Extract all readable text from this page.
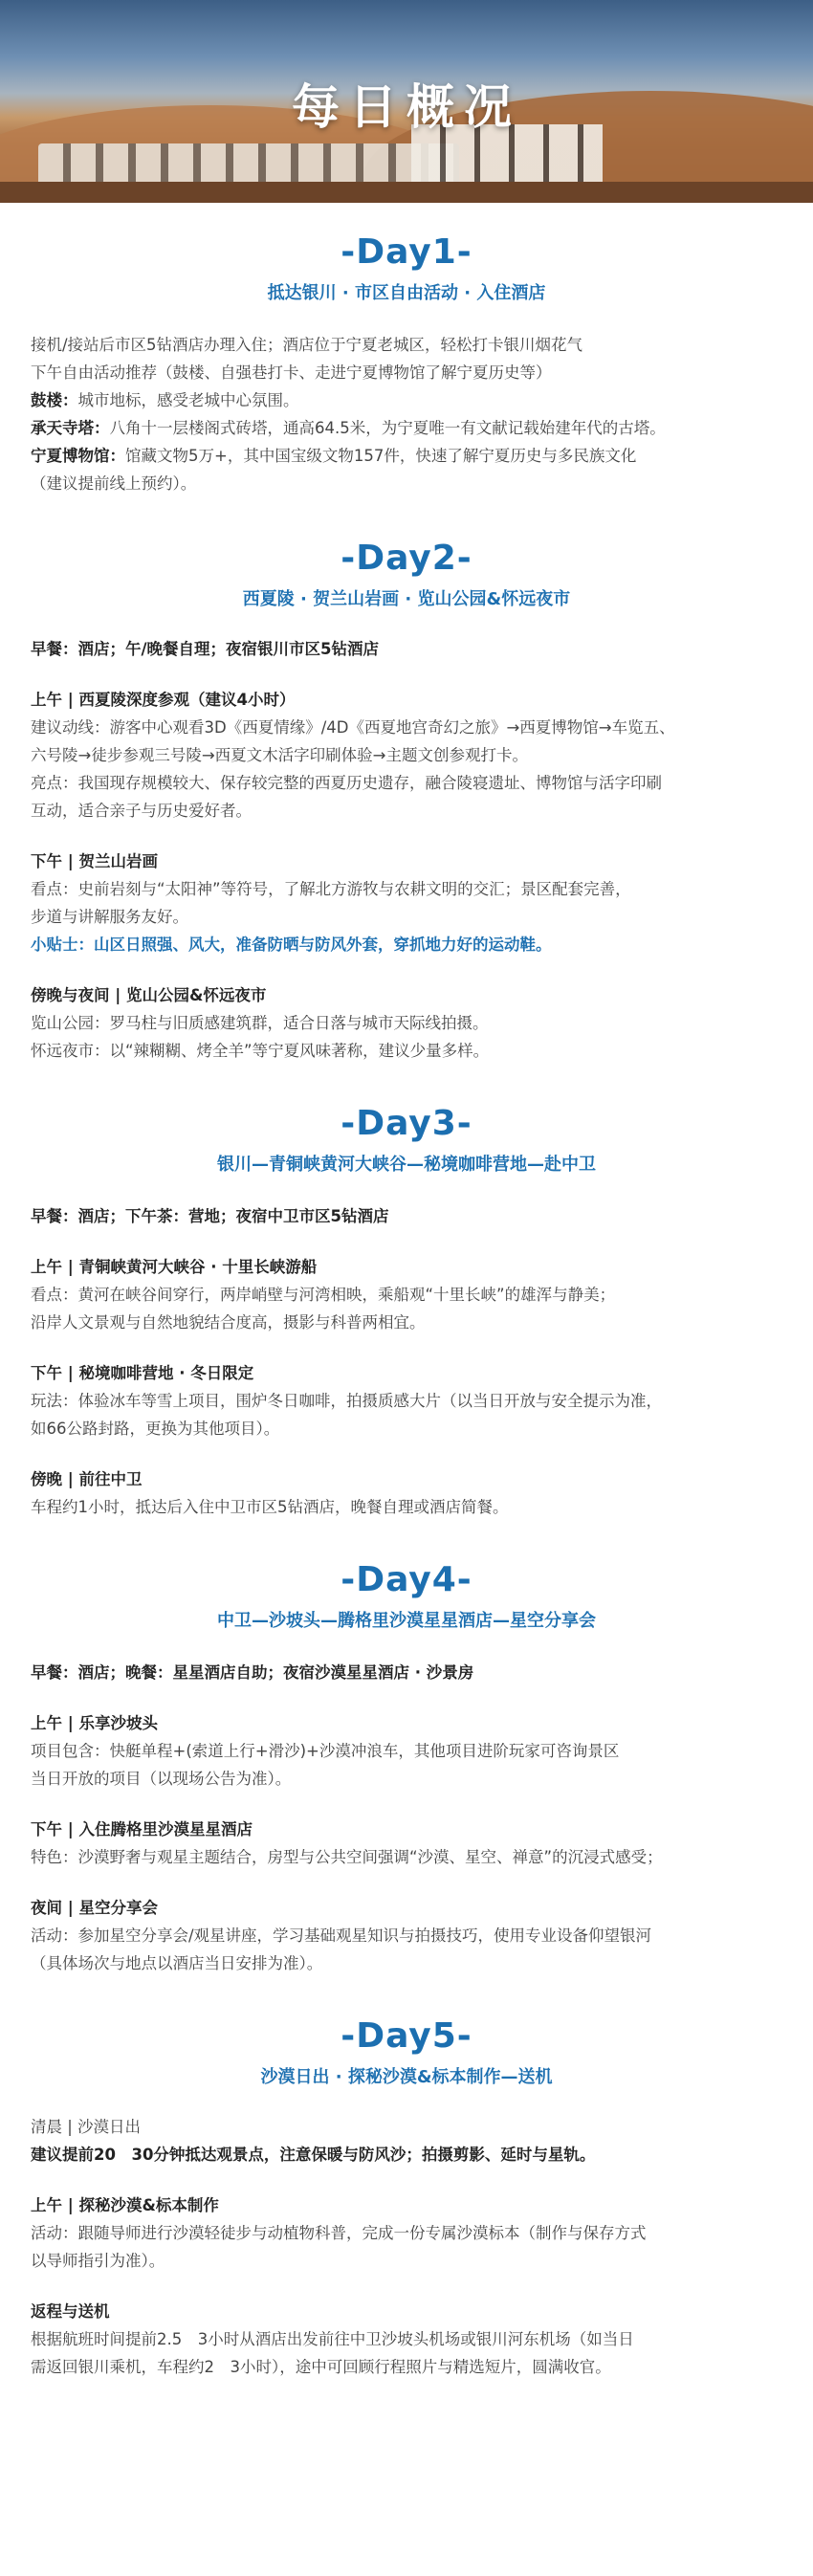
每日概况
-Day1-
抵达银川 · 市区自由活动 · 入住酒店
接机/接站后市区5钻酒店办理入住；酒店位于宁夏老城区，轻松打卡银川烟花气
下午自由活动推荐（鼓楼、自强巷打卡、走进宁夏博物馆了解宁夏历史等）
鼓楼：城市地标，感受老城中心氛围。
承天寺塔：八角十一层楼阁式砖塔，通高64.5米，为宁夏唯一有文献记载始建年代的古塔。
宁夏博物馆：馆藏文物5万+，其中国宝级文物157件，快速了解宁夏历史与多民族文化
（建议提前线上预约）。
-Day2-
西夏陵 · 贺兰山岩画 · 览山公园&怀远夜市
早餐：酒店；午/晚餐自理；夜宿银川市区5钻酒店
上午 | 西夏陵深度参观（建议4小时）
建议动线：游客中心观看3D《西夏情缘》/4D《西夏地宫奇幻之旅》→西夏博物馆→车览五、
六号陵→徒步参观三号陵→西夏文木活字印刷体验→主题文创参观打卡。
亮点：我国现存规模较大、保存较完整的西夏历史遗存，融合陵寝遗址、博物馆与活字印刷
互动，适合亲子与历史爱好者。
下午 | 贺兰山岩画
看点：史前岩刻与“太阳神”等符号，了解北方游牧与农耕文明的交汇；景区配套完善，
步道与讲解服务友好。
小贴士：山区日照强、风大，准备防晒与防风外套，穿抓地力好的运动鞋。
傍晚与夜间 | 览山公园&怀远夜市
览山公园：罗马柱与旧质感建筑群，适合日落与城市天际线拍摄。
怀远夜市：以“辣糊糊、烤全羊”等宁夏风味著称，建议少量多样。
-Day3-
银川—青铜峡黄河大峡谷—秘境咖啡营地—赴中卫
早餐：酒店；下午茶：营地；夜宿中卫市区5钻酒店
上午 | 青铜峡黄河大峡谷 · 十里长峡游船
看点：黄河在峡谷间穿行，两岸峭壁与河湾相映，乘船观“十里长峡”的雄浑与静美；
沿岸人文景观与自然地貌结合度高，摄影与科普两相宜。
下午 | 秘境咖啡营地 · 冬日限定
玩法：体验冰车等雪上项目，围炉冬日咖啡，拍摄质感大片（以当日开放与安全提示为准，
如66公路封路，更换为其他项目）。
傍晚 | 前往中卫
车程约1小时，抵达后入住中卫市区5钻酒店，晚餐自理或酒店简餐。
-Day4-
中卫—沙坡头—腾格里沙漠星星酒店—星空分享会
早餐：酒店；晚餐：星星酒店自助；夜宿沙漠星星酒店 · 沙景房
上午 | 乐享沙坡头
项目包含：快艇单程+(索道上行+滑沙)+沙漠冲浪车，其他项目进阶玩家可咨询景区
当日开放的项目（以现场公告为准）。
下午 | 入住腾格里沙漠星星酒店
特色：沙漠野奢与观星主题结合，房型与公共空间强调“沙漠、星空、禅意”的沉浸式感受；
夜间 | 星空分享会
活动：参加星空分享会/观星讲座，学习基础观星知识与拍摄技巧，使用专业设备仰望银河
（具体场次与地点以酒店当日安排为准）。
-Day5-
沙漠日出 · 探秘沙漠&标本制作—送机
清晨 | 沙漠日出
建议提前20　30分钟抵达观景点，注意保暖与防风沙；拍摄剪影、延时与星轨。
上午 | 探秘沙漠&标本制作
活动：跟随导师进行沙漠轻徒步与动植物科普，完成一份专属沙漠标本（制作与保存方式
以导师指引为准）。
返程与送机
根据航班时间提前2.5　3小时从酒店出发前往中卫沙坡头机场或银川河东机场（如当日
需返回银川乘机，车程约2　3小时），途中可回顾行程照片与精选短片，圆满收官。
